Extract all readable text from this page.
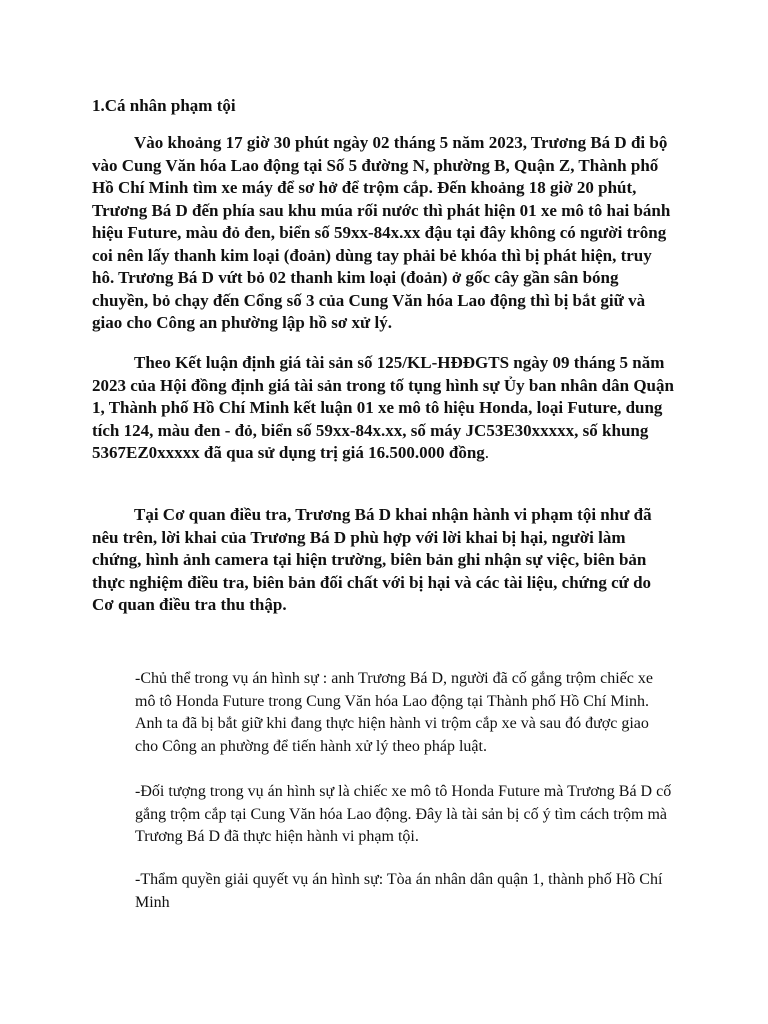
1.Cá nhân phạm tội

Vào khoảng 17 giờ 30 phút ngày 02 tháng 5 năm 2023, Trương Bá D đi bộ vào Cung Văn hóa Lao động tại Số 5 đường N, phường B, Quận Z, Thành phố Hồ Chí Minh tìm xe máy để sơ hở để trộm cắp. Đến khoảng 18 giờ 20 phút, Trương Bá D đến phía sau khu múa rối nước thì phát hiện 01 xe mô tô hai bánh hiệu Future, màu đỏ đen, biển số 59xx-84x.xx đậu tại đây không có người trông coi nên lấy thanh kim loại (đoản) dùng tay phải bẻ khóa thì bị phát hiện, truy hô. Trương Bá D vứt bỏ 02 thanh kim loại (đoản) ở gốc cây gần sân bóng chuyền, bỏ chạy đến Cổng số 3 của Cung Văn hóa Lao động thì bị bắt giữ và giao cho Công an phường lập hồ sơ xử lý.

Theo Kết luận định giá tài sản số 125/KL-HĐĐGTS ngày 09 tháng 5 năm 2023 của Hội đồng định giá tài sản trong tố tụng hình sự Ủy ban nhân dân Quận 1, Thành phố Hồ Chí Minh kết luận 01 xe mô tô hiệu Honda, loại Future, dung tích 124, màu đen - đỏ, biển số 59xx-84x.xx, số máy JC53E30xxxxx, số khung 5367EZ0xxxxx đã qua sử dụng trị giá 16.500.000 đồng.

Tại Cơ quan điều tra, Trương Bá D khai nhận hành vi phạm tội như đã nêu trên, lời khai của Trương Bá D phù hợp với lời khai bị hại, người làm chứng, hình ảnh camera tại hiện trường, biên bản ghi nhận sự việc, biên bản thực nghiệm điều tra, biên bản đối chất với bị hại và các tài liệu, chứng cứ do Cơ quan điều tra thu thập.

-Chủ thể trong vụ án hình sự : anh Trương Bá D, người đã cố gắng trộm chiếc xe mô tô Honda Future trong Cung Văn hóa Lao động tại Thành phố Hồ Chí Minh. Anh ta đã bị bắt giữ khi đang thực hiện hành vi trộm cắp xe và sau đó được giao cho Công an phường để tiến hành xử lý theo pháp luật.

-Đối tượng trong vụ án hình sự là chiếc xe mô tô Honda Future mà Trương Bá D cố gắng trộm cắp tại Cung Văn hóa Lao động. Đây là tài sản bị cố ý tìm cách trộm mà Trương Bá D đã thực hiện hành vi phạm tội.

-Thẩm quyền giải quyết vụ án hình sự: Tòa án nhân dân quận 1, thành phố Hồ Chí Minh
